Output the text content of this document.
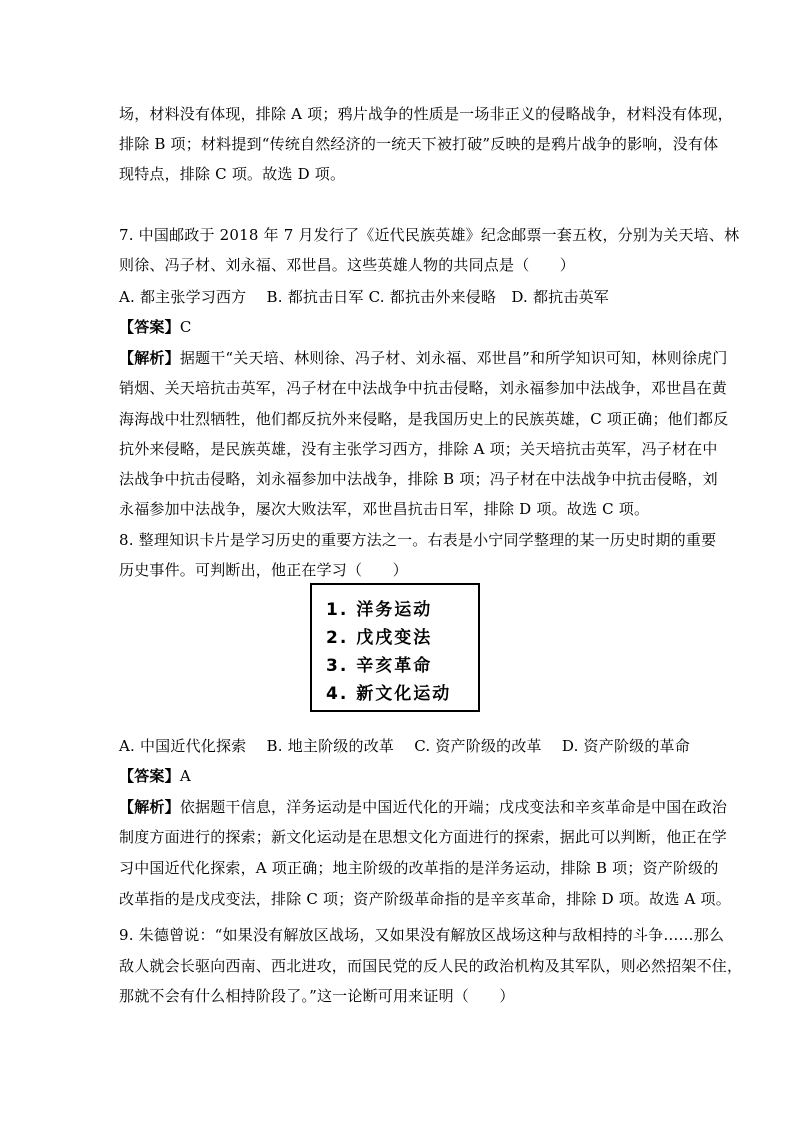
场，材料没有体现，排除 A 项；鸦片战争的性质是一场非正义的侵略战争，材料没有体现，
排除 B 项；材料提到“传统自然经济的一统天下被打破”反映的是鸦片战争的影响，没有体
现特点，排除 C 项。故选 D 项。
7. 中国邮政于 2018 年 7 月发行了《近代民族英雄》纪念邮票一套五枚，分别为关天培、林
则徐、冯子材、刘永福、邓世昌。这些英雄人物的共同点是（　　）
A. 都主张学习西方　 B. 都抗击日军 C. 都抗击外来侵略　D. 都抗击英军
【答案】C
【解析】据题干“关天培、林则徐、冯子材、刘永福、邓世昌”和所学知识可知，林则徐虎门
销烟、关天培抗击英军，冯子材在中法战争中抗击侵略，刘永福参加中法战争，邓世昌在黄
海海战中壮烈牺牲，他们都反抗外来侵略，是我国历史上的民族英雄，C 项正确；他们都反
抗外来侵略，是民族英雄，没有主张学习西方，排除 A 项；关天培抗击英军，冯子材在中
法战争中抗击侵略，刘永福参加中法战争，排除 B 项；冯子材在中法战争中抗击侵略，刘
永福参加中法战争，屡次大败法军，邓世昌抗击日军，排除 D 项。故选 C 项。
8. 整理知识卡片是学习历史的重要方法之一。右表是小宁同学整理的某一历史时期的重要
历史事件。可判断出，他正在学习（　　）
1. 洋务运动
2. 戊戌变法
3. 辛亥革命
4. 新文化运动
A. 中国近代化探索　 B. 地主阶级的改革　 C. 资产阶级的改革　 D. 资产阶级的革命
【答案】A
【解析】依据题干信息，洋务运动是中国近代化的开端；戊戌变法和辛亥革命是中国在政治
制度方面进行的探索；新文化运动是在思想文化方面进行的探索，据此可以判断，他正在学
习中国近代化探索，A 项正确；地主阶级的改革指的是洋务运动，排除 B 项；资产阶级的
改革指的是戊戌变法，排除 C 项；资产阶级革命指的是辛亥革命，排除 D 项。故选 A 项。
9. 朱德曾说：“如果没有解放区战场，又如果没有解放区战场这种与敌相持的斗争……那么
敌人就会长驱向西南、西北进攻，而国民党的反人民的政治机构及其军队，则必然招架不住，
那就不会有什么相持阶段了。”这一论断可用来证明（　　）
